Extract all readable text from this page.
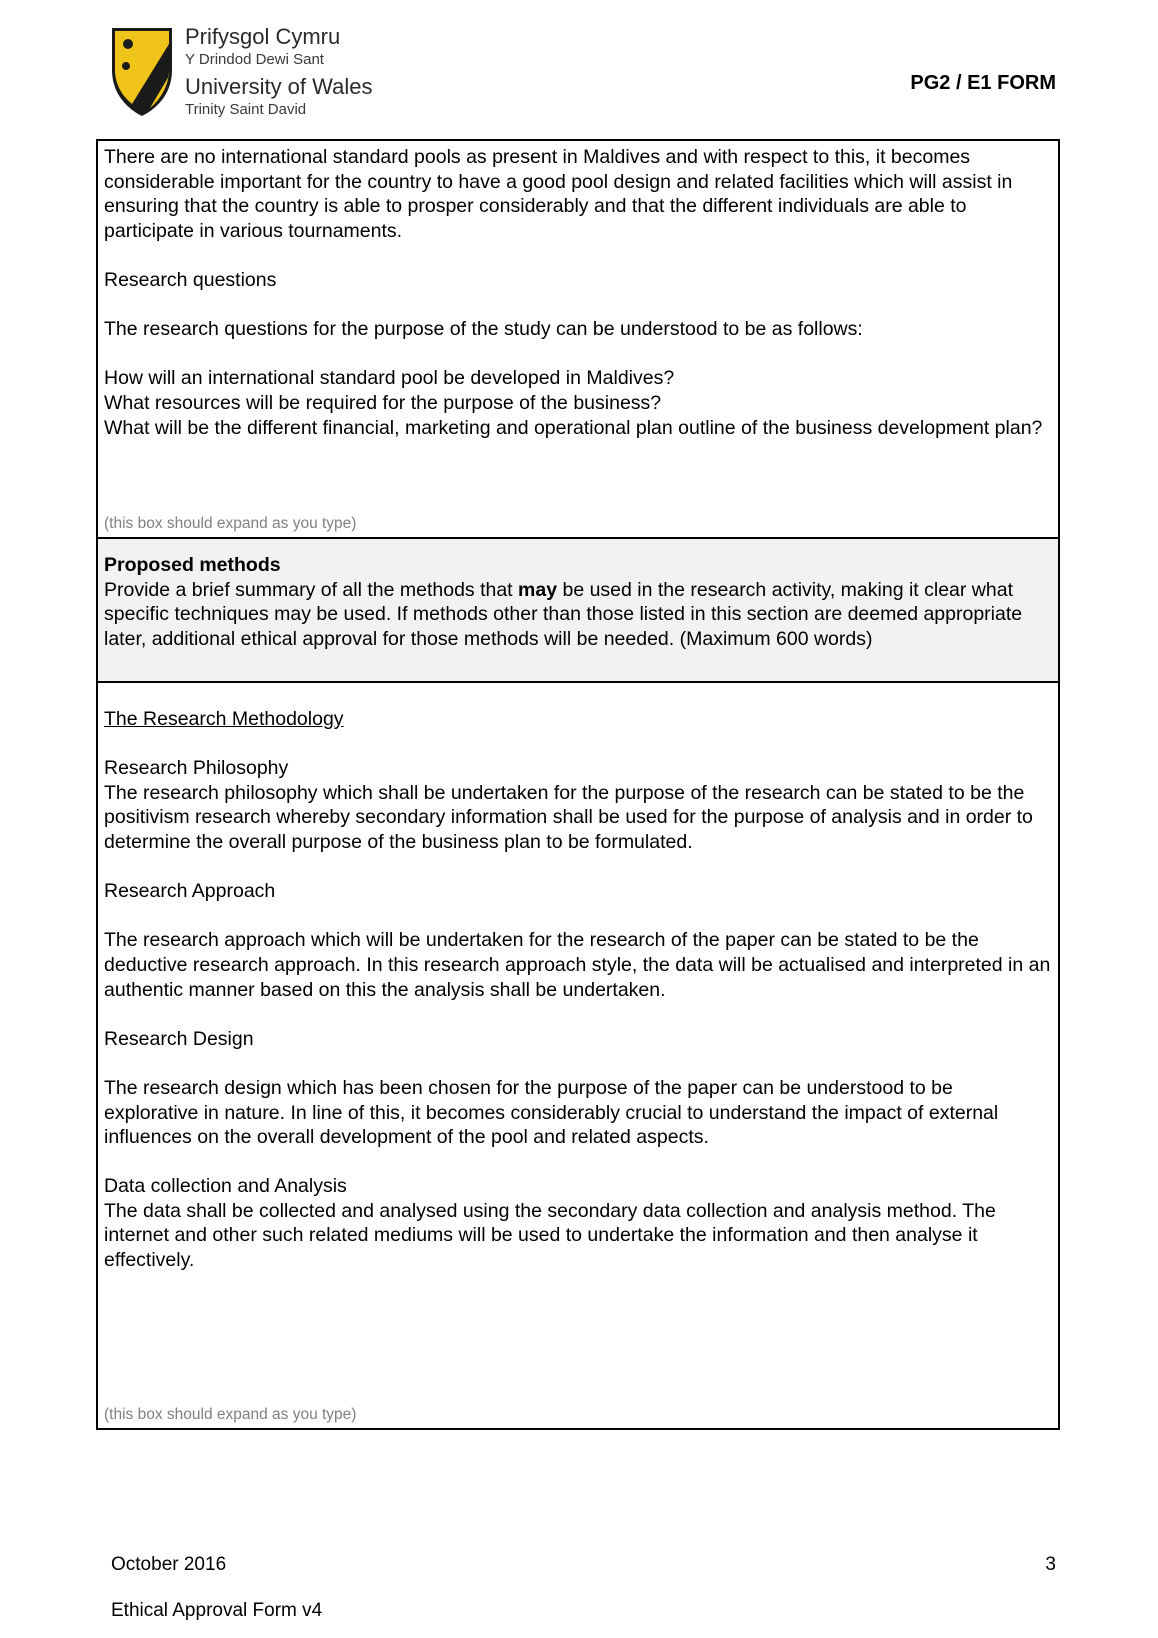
Prifysgol Cymru
Y Drindod Dewi Sant
University of Wales
Trinity Saint David
PG2 / E1 FORM

There are no international standard pools as present in Maldives and with respect to this, it becomes considerable important for the country to have a good pool design and related facilities which will assist in ensuring that the country is able to prosper considerably and that the different individuals are able to participate in various tournaments.

Research questions

The research questions for the purpose of the study can be understood to be as follows:

How will an international standard pool be developed in Maldives?

What resources will be required for the purpose of the business?

What will be the different financial, marketing and operational plan outline of the business development plan?

(this box should expand as you type)
Proposed methods
Provide a brief summary of all the methods that may be used in the research activity, making it clear what specific techniques may be used. If methods other than those listed in this section are deemed appropriate later, additional ethical approval for those methods will be needed. (Maximum 600 words)

The Research Methodology

Research Philosophy

The research philosophy which shall be undertaken for the purpose of the research can be stated to be the positivism research whereby secondary information shall be used for the purpose of analysis and in order to determine the overall purpose of the business plan to be formulated.

Research Approach

The research approach which will be undertaken for the research of the paper can be stated to be the deductive research approach. In this research approach style, the data will be actualised and interpreted in an authentic manner based on this the analysis shall be undertaken.

Research Design

The research design which has been chosen for the purpose of the paper can be understood to be explorative in nature. In line of this, it becomes considerably crucial to understand the impact of external influences on the overall development of the pool and related aspects.

Data collection and Analysis

The data shall be collected and analysed using the secondary data collection and analysis method. The internet and other such related mediums will be used to undertake the information and then analyse it effectively.

(this box should expand as you type)
October 2016	3
Ethical Approval Form v4
